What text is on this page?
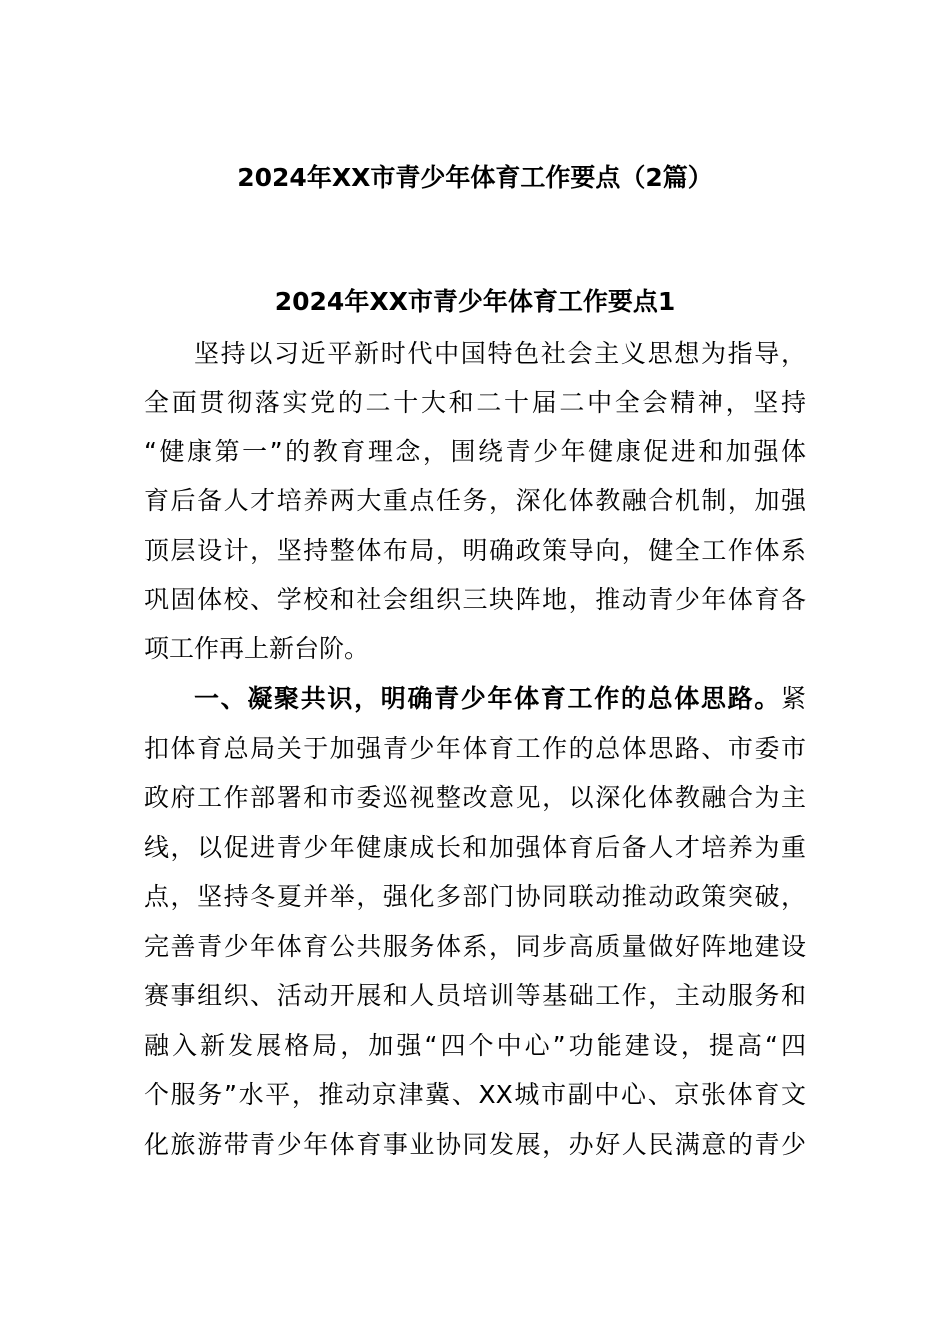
2024年XX市青少年体育工作要点（2篇）
2024年XX市青少年体育工作要点1
坚持以习近平新时代中国特色社会主义思想为指导，
全面贯彻落实党的二十大和二十届二中全会精神，坚持
“健康第一”的教育理念，围绕青少年健康促进和加强体
育后备人才培养两大重点任务，深化体教融合机制，加强
顶层设计，坚持整体布局，明确政策导向，健全工作体系
巩固体校、学校和社会组织三块阵地，推动青少年体育各
项工作再上新台阶。
一、凝聚共识，明确青少年体育工作的总体思路。紧
扣体育总局关于加强青少年体育工作的总体思路、市委市
政府工作部署和市委巡视整改意见，以深化体教融合为主
线，以促进青少年健康成长和加强体育后备人才培养为重
点，坚持冬夏并举，强化多部门协同联动推动政策突破，
完善青少年体育公共服务体系，同步高质量做好阵地建设
赛事组织、活动开展和人员培训等基础工作，主动服务和
融入新发展格局，加强“四个中心”功能建设，提高“四
个服务”水平，推动京津冀、XX城市副中心、京张体育文
化旅游带青少年体育事业协同发展，办好人民满意的青少
